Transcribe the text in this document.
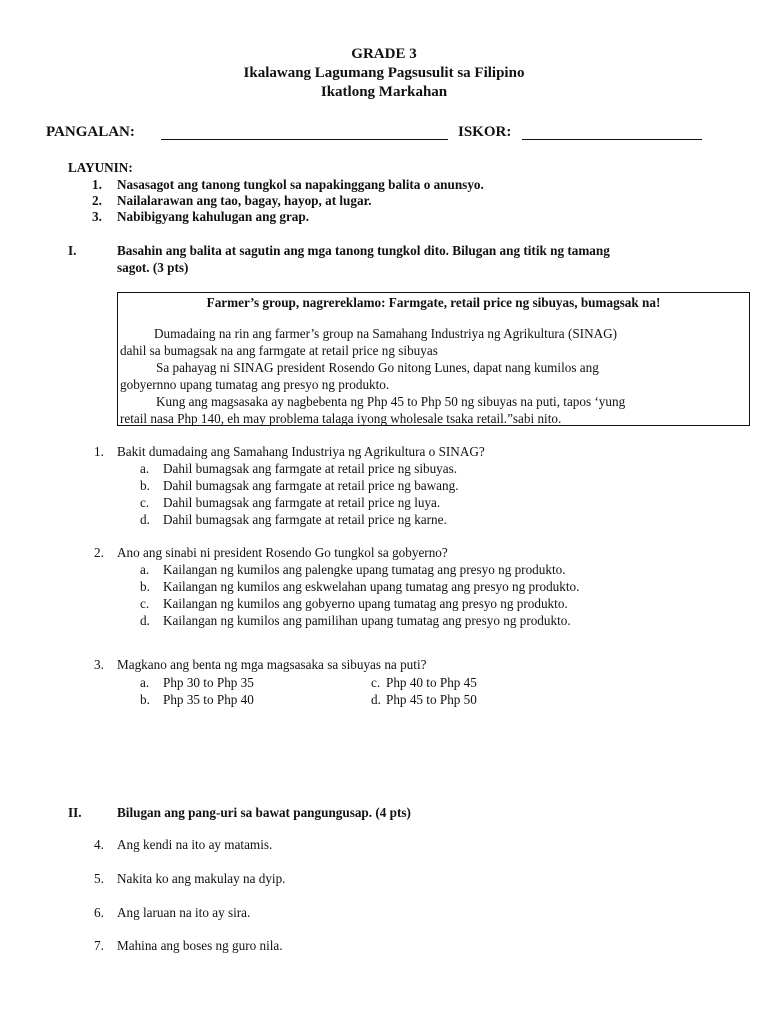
GRADE 3
Ikalawang Lagumang Pagsusulit sa Filipino
Ikatlong Markahan
PANGALAN:	ISKOR:
LAYUNIN:
1. Nasasagot ang tanong tungkol sa napakinggang balita o anunsyo.
2. Nailalarawan ang tao, bagay, hayop, at lugar.
3. Nabibigyang kahulugan ang grap.
I.	Basahin ang balita at sagutin ang mga tanong tungkol dito. Bilugan ang titik ng tamang
sagot. (3 pts)
Farmer’s group, nagrereklamo: Farmgate, retail price ng sibuyas, bumagsak na!
Dumadaing na rin ang farmer’s group na Samahang Industriya ng Agrikultura (SINAG)
dahil sa bumagsak na ang farmgate at retail price ng sibuyas
Sa pahayag ni SINAG president Rosendo Go nitong Lunes, dapat nang kumilos ang
gobyernno upang tumatag ang presyo ng produkto.
Kung ang magsasaka ay nagbebenta ng Php 45 to Php 50 ng sibuyas na puti, tapos ‘yung
retail nasa Php 140, eh may problema talaga iyong wholesale tsaka retail.”sabi nito.
1. Bakit dumadaing ang Samahang Industriya ng Agrikultura o SINAG?
a. Dahil bumagsak ang farmgate at retail price ng sibuyas.
b. Dahil bumagsak ang farmgate at retail price ng bawang.
c. Dahil bumagsak ang farmgate at retail price ng luya.
d. Dahil bumagsak ang farmgate at retail price ng karne.
2. Ano ang sinabi ni president Rosendo Go tungkol sa gobyerno?
a. Kailangan ng kumilos ang palengke upang tumatag ang presyo ng produkto.
b. Kailangan ng kumilos ang eskwelahan upang tumatag ang presyo ng produkto.
c. Kailangan ng kumilos ang gobyerno upang tumatag ang presyo ng produkto.
d. Kailangan ng kumilos ang pamilihan upang tumatag ang presyo ng produkto.
3. Magkano ang benta ng mga magsasaka sa sibuyas na puti?
a. Php 30 to Php 35	c. Php 40 to Php 45
b. Php 35 to Php 40	d. Php 45 to Php 50
II.	Bilugan ang pang-uri sa bawat pangungusap. (4 pts)
4. Ang kendi na ito ay matamis.
5. Nakita ko ang makulay na dyip.
6. Ang laruan na ito ay sira.
7. Mahina ang boses ng guro nila.
